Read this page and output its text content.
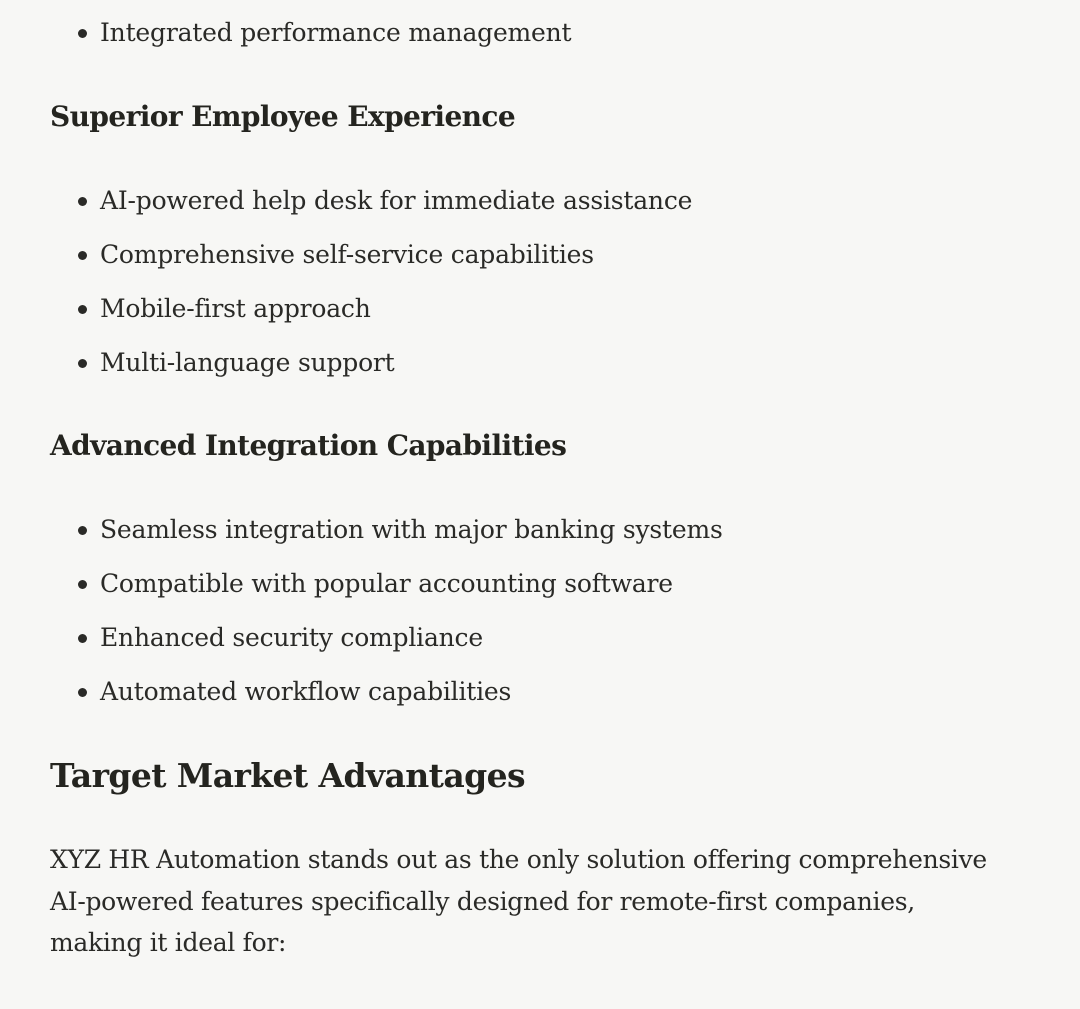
Integrated performance management
Superior Employee Experience
AI-powered help desk for immediate assistance
Comprehensive self-service capabilities
Mobile-first approach
Multi-language support
Advanced Integration Capabilities
Seamless integration with major banking systems
Compatible with popular accounting software
Enhanced security compliance
Automated workflow capabilities
Target Market Advantages

XYZ HR Automation stands out as the only solution offering comprehensive AI-powered features specifically designed for remote-first companies, making it ideal for:
